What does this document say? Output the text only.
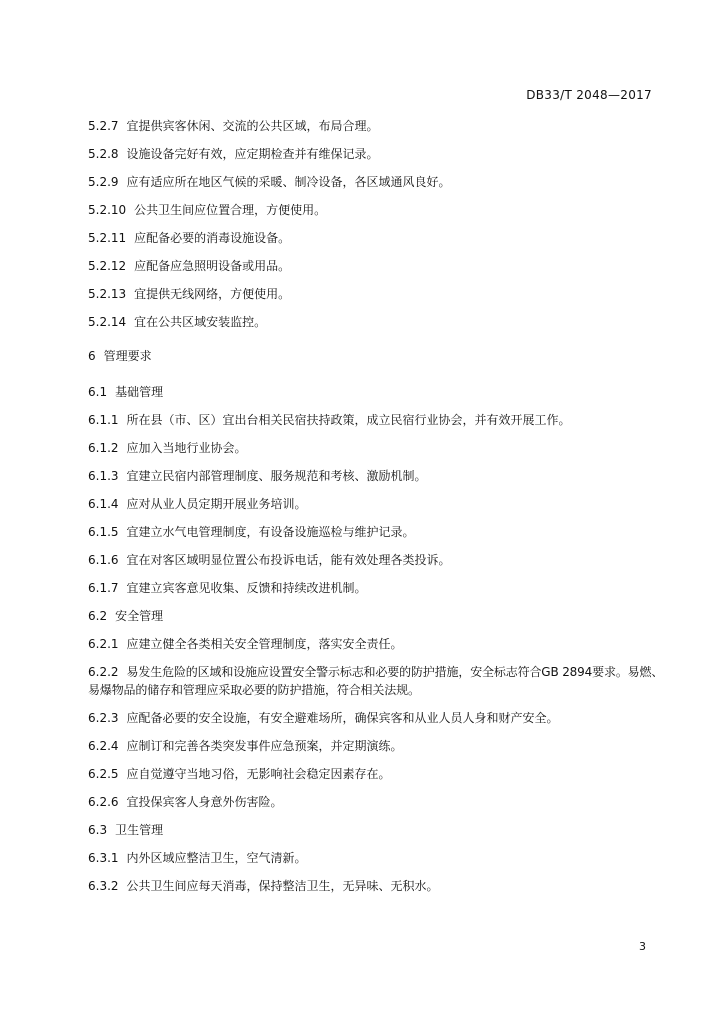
DB33/T 2048—2017
5.2.7 宜提供宾客休闲、交流的公共区域，布局合理。
5.2.8 设施设备完好有效，应定期检查并有维保记录。
5.2.9 应有适应所在地区气候的采暖、制冷设备，各区域通风良好。
5.2.10 公共卫生间应位置合理，方便使用。
5.2.11 应配备必要的消毒设施设备。
5.2.12 应配备应急照明设备或用品。
5.2.13 宜提供无线网络，方便使用。
5.2.14 宜在公共区域安装监控。
6 管理要求
6.1 基础管理
6.1.1 所在县（市、区）宜出台相关民宿扶持政策，成立民宿行业协会，并有效开展工作。
6.1.2 应加入当地行业协会。
6.1.3 宜建立民宿内部管理制度、服务规范和考核、激励机制。
6.1.4 应对从业人员定期开展业务培训。
6.1.5 宜建立水气电管理制度，有设备设施巡检与维护记录。
6.1.6 宜在对客区域明显位置公布投诉电话，能有效处理各类投诉。
6.1.7 宜建立宾客意见收集、反馈和持续改进机制。
6.2 安全管理
6.2.1 应建立健全各类相关安全管理制度，落实安全责任。
6.2.2 易发生危险的区域和设施应设置安全警示标志和必要的防护措施，安全标志符合GB 2894要求。易燃、易爆物品的储存和管理应采取必要的防护措施，符合相关法规。
6.2.3 应配备必要的安全设施，有安全避难场所，确保宾客和从业人员人身和财产安全。
6.2.4 应制订和完善各类突发事件应急预案，并定期演练。
6.2.5 应自觉遵守当地习俗，无影响社会稳定因素存在。
6.2.6 宜投保宾客人身意外伤害险。
6.3 卫生管理
6.3.1 内外区域应整洁卫生，空气清新。
6.3.2 公共卫生间应每天消毒，保持整洁卫生，无异味、无积水。
3
